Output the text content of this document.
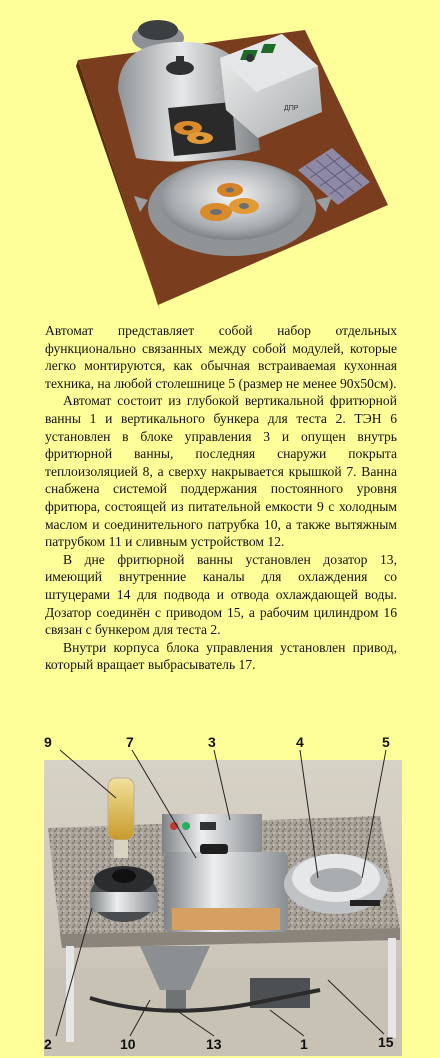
ДПР

Автомат представляет собой набор отдельных функционально связанных между собой модулей, которые легко монтируются, как обычная встраиваемая кухонная техника, на любой столешнице 5 (размер не менее 90х50см).

Автомат состоит из глубокой вертикальной фритюрной ванны 1 и вертикального бункера для теста 2. ТЭН 6 установлен в блоке управления 3 и опущен внутрь фритюрной ванны, последняя снаружи покрыта теплоизоляцией 8, а сверху накрывается крышкой 7. Ванна снабжена системой поддержания постоянного уровня фритюра, состоящей из питательной емкости 9 с холодным маслом и соединительного патрубка 10, а также вытяжным патрубком 11 и сливным устройством 12.

В дне фритюрной ванны установлен дозатор 13, имеющий внутренние каналы для охлаждения со штуцерами 14 для подвода и отвода охлаждающей воды. Дозатор соединён с приводом 15, а рабочим цилиндром 16 связан с бункером для теста 2.

Внутри корпуса блока управления установлен привод, который вращает выбрасыватель 17.

9	7	3	4	5
2	10	13	1	15
